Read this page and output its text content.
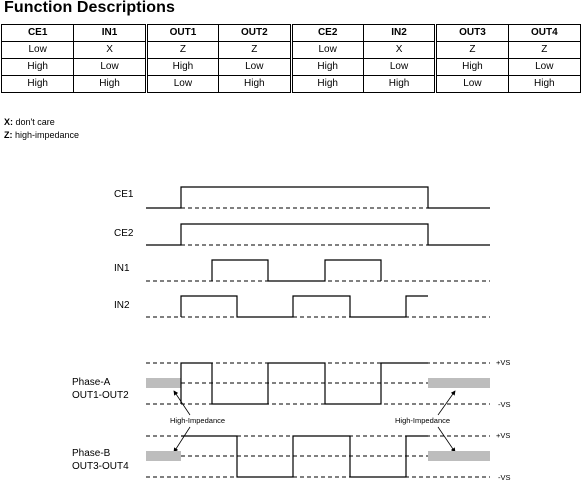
Function Descriptions
CE1	IN1	OUT1	OUT2	CE2	IN2	OUT3	OUT4
Low	X	Z	Z	Low	X	Z	Z
High	Low	High	Low	High	Low	High	Low
High	High	Low	High	High	High	Low	High
X: don't care
Z: high-impedance
CE1
CE2
IN1
IN2
Phase-A
OUT1-OUT2
+VS
-VS
High-Impedance	High-Impedance
Phase-B
OUT3-OUT4
+VS
-VS
